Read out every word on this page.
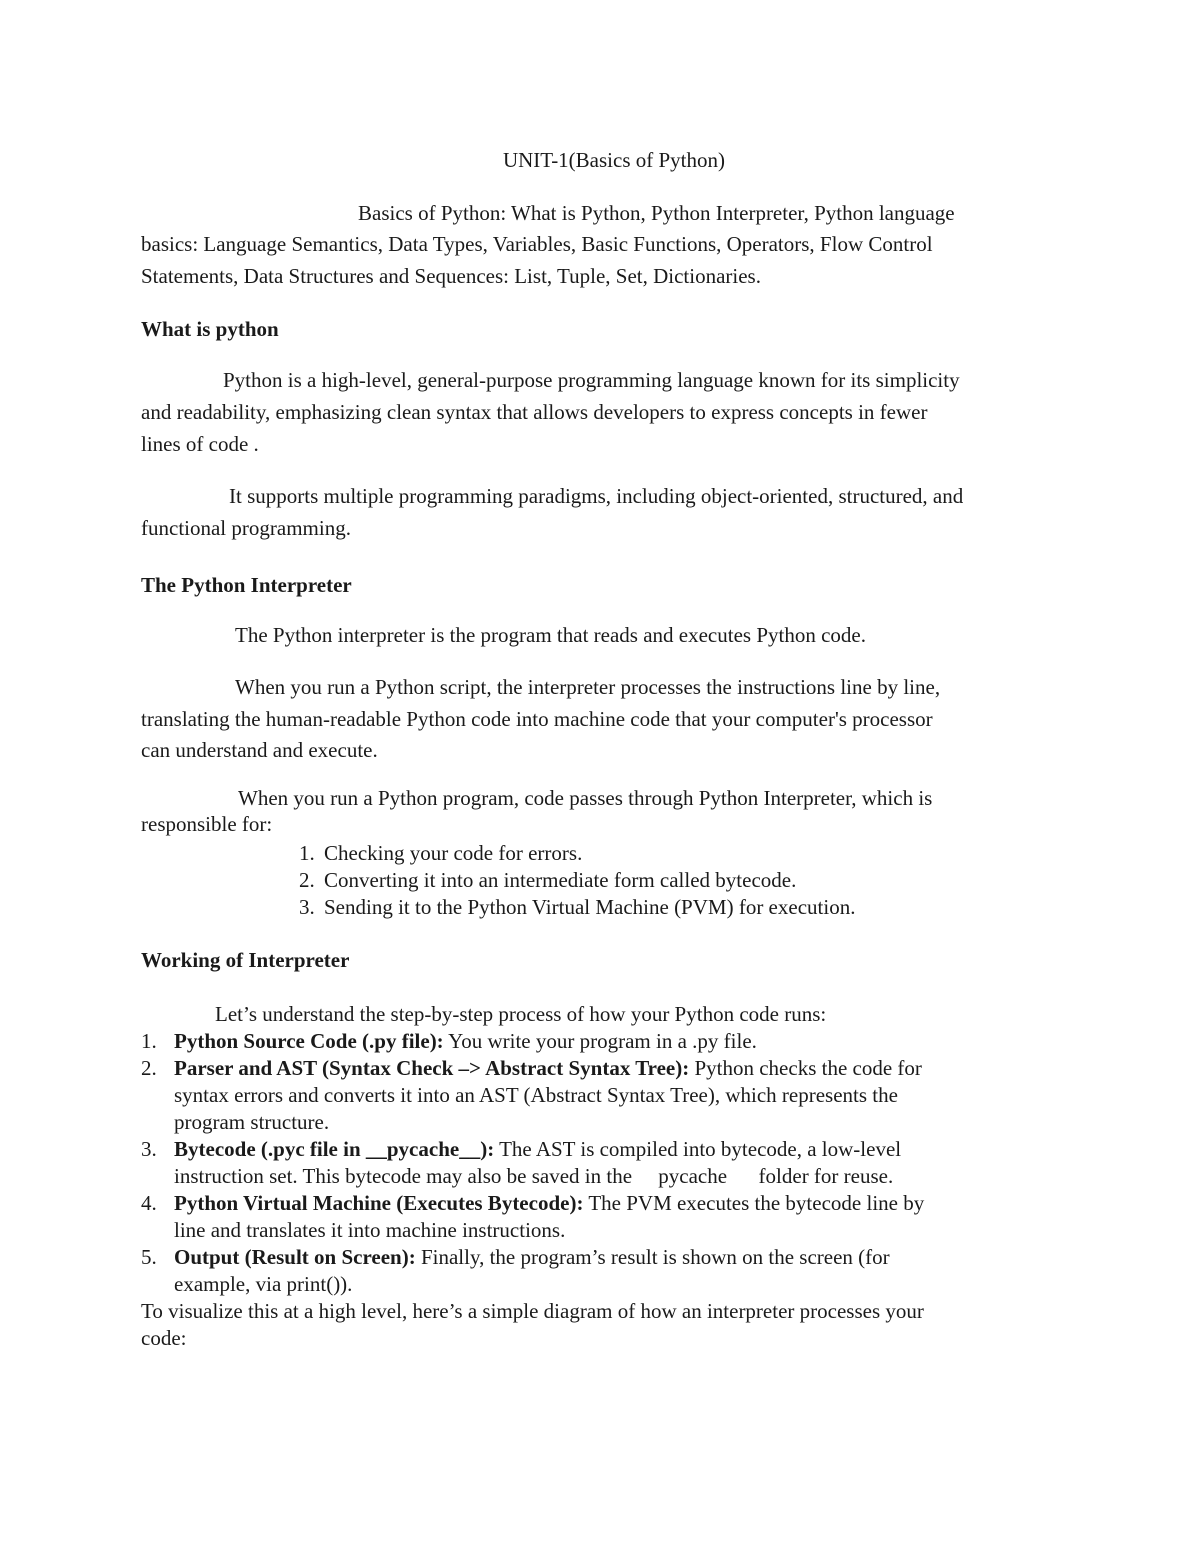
UNIT-1(Basics of Python)

Basics of Python: What is Python, Python Interpreter, Python language

basics: Language Semantics, Data Types, Variables, Basic Functions, Operators, Flow Control

Statements, Data Structures and Sequences: List, Tuple, Set, Dictionaries.

What is python

Python is a high-level, general-purpose programming language known for its simplicity

and readability, emphasizing clean syntax that allows developers to express concepts in fewer

lines of code .

It supports multiple programming paradigms, including object-oriented, structured, and

functional programming.

The Python Interpreter

The Python interpreter is the program that reads and executes Python code.

When you run a Python script, the interpreter processes the instructions line by line,

translating the human-readable Python code into machine code that your computer's processor

can understand and execute.

When you run a Python program, code passes through Python Interpreter, which is

responsible for:

1. Checking your code for errors.
2. Converting it into an intermediate form called bytecode.
3. Sending it to the Python Virtual Machine (PVM) for execution.

Working of Interpreter

Let’s understand the step-by-step process of how your Python code runs:

1. Python Source Code (.py file): You write your program in a .py file.
2. Parser and AST (Syntax Check –> Abstract Syntax Tree): Python checks the code for
syntax errors and converts it into an AST (Abstract Syntax Tree), which represents the
program structure.
3. Bytecode (.pyc file in __pycache__): The AST is compiled into bytecode, a low-level
instruction set. This bytecode may also be saved in the     pycache      folder for reuse.
4. Python Virtual Machine (Executes Bytecode): The PVM executes the bytecode line by
line and translates it into machine instructions.
5. Output (Result on Screen): Finally, the program’s result is shown on the screen (for
example, via print()).

To visualize this at a high level, here’s a simple diagram of how an interpreter processes your

code:
